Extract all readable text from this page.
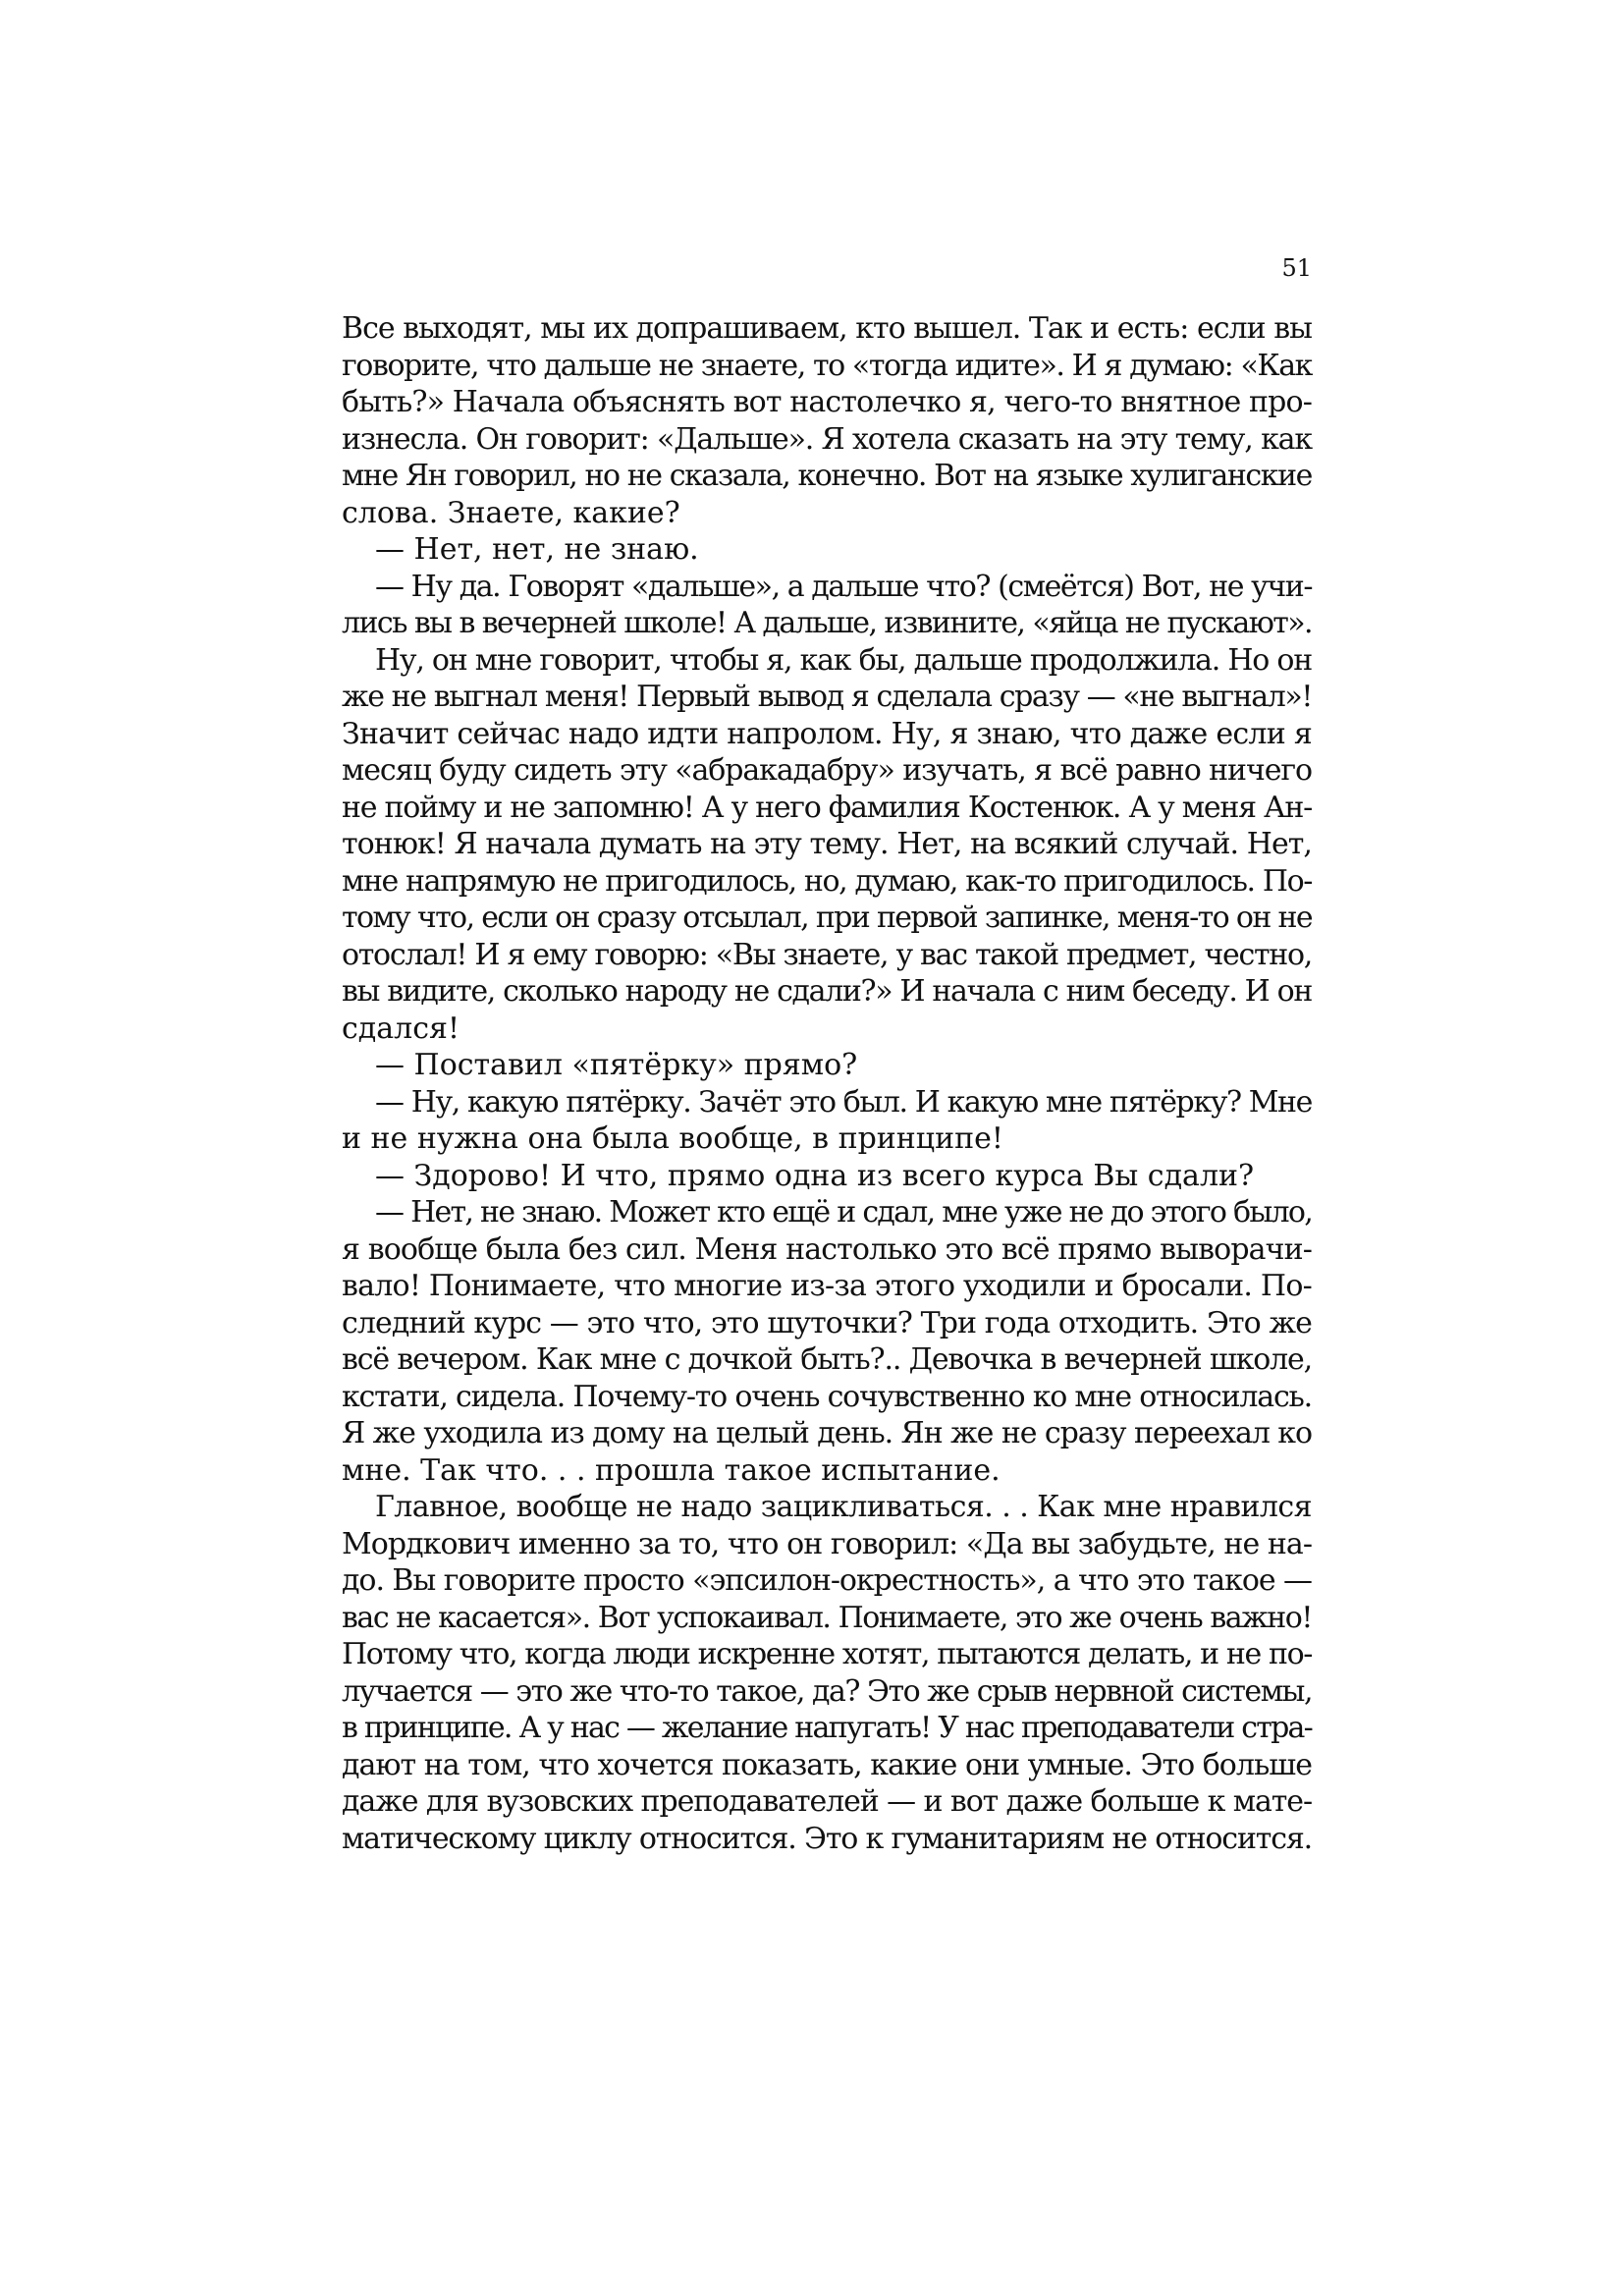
51

Все выходят, мы их допрашиваем, кто вышел. Так и есть: если вы

говорите, что дальше не знаете, то «тогда идите». И я думаю: «Как

быть?» Начала объяснять вот настолечко я, чего-то внятное про-

изнесла. Он говорит: «Дальше». Я хотела сказать на эту тему, как

мне Ян говорил, но не сказала, конечно. Вот на языке хулиганские

слова. Знаете, какие?

— Нет, нет, не знаю.

— Ну да. Говорят «дальше», а дальше что? (смеётся) Вот, не учи-

лись вы в вечерней школе! А дальше, извините, «яйца не пускают».

Ну, он мне говорит, чтобы я, как бы, дальше продолжила. Но он

же не выгнал меня! Первый вывод я сделала сразу — «не выгнал»!

Значит сейчас надо идти напролом. Ну, я знаю, что даже если я

месяц буду сидеть эту «абракадабру» изучать, я всё равно ничего

не пойму и не запомню! А у него фамилия Костенюк. А у меня Ан-

тонюк! Я начала думать на эту тему. Нет, на всякий случай. Нет,

мне напрямую не пригодилось, но, думаю, как-то пригодилось. По-

тому что, если он сразу отсылал, при первой запинке, меня-то он не

отослал! И я ему говорю: «Вы знаете, у вас такой предмет, честно,

вы видите, сколько народу не сдали?» И начала с ним беседу. И он

сдался!

— Поставил «пятёрку» прямо?

— Ну, какую пятёрку. Зачёт это был. И какую мне пятёрку? Мне

и не нужна она была вообще, в принципе!

— Здорово! И что, прямо одна из всего курса Вы сдали?

— Нет, не знаю. Может кто ещё и сдал, мне уже не до этого было,

я вообще была без сил. Меня настолько это всё прямо выворачи-

вало! Понимаете, что многие из-за этого уходили и бросали. По-

следний курс — это что, это шуточки? Три года отходить. Это же

всё вечером. Как мне с дочкой быть?.. Девочка в вечерней школе,

кстати, сидела. Почему-то очень сочувственно ко мне относилась.

Я же уходила из дому на целый день. Ян же не сразу переехал ко

мне. Так что. . . прошла такое испытание.

Главное, вообще не надо зацикливаться. . . Как мне нравился

Мордкович именно за то, что он говорил: «Да вы забудьте, не на-

до. Вы говорите просто «эпсилон-окрестность», а что это такое —

вас не касается». Вот успокаивал. Понимаете, это же очень важно!

Потому что, когда люди искренне хотят, пытаются делать, и не по-

лучается — это же что-то такое, да? Это же срыв нервной системы,

в принципе. А у нас — желание напугать! У нас преподаватели стра-

дают на том, что хочется показать, какие они умные. Это больше

даже для вузовских преподавателей — и вот даже больше к мате-

матическому циклу относится. Это к гуманитариям не относится.
